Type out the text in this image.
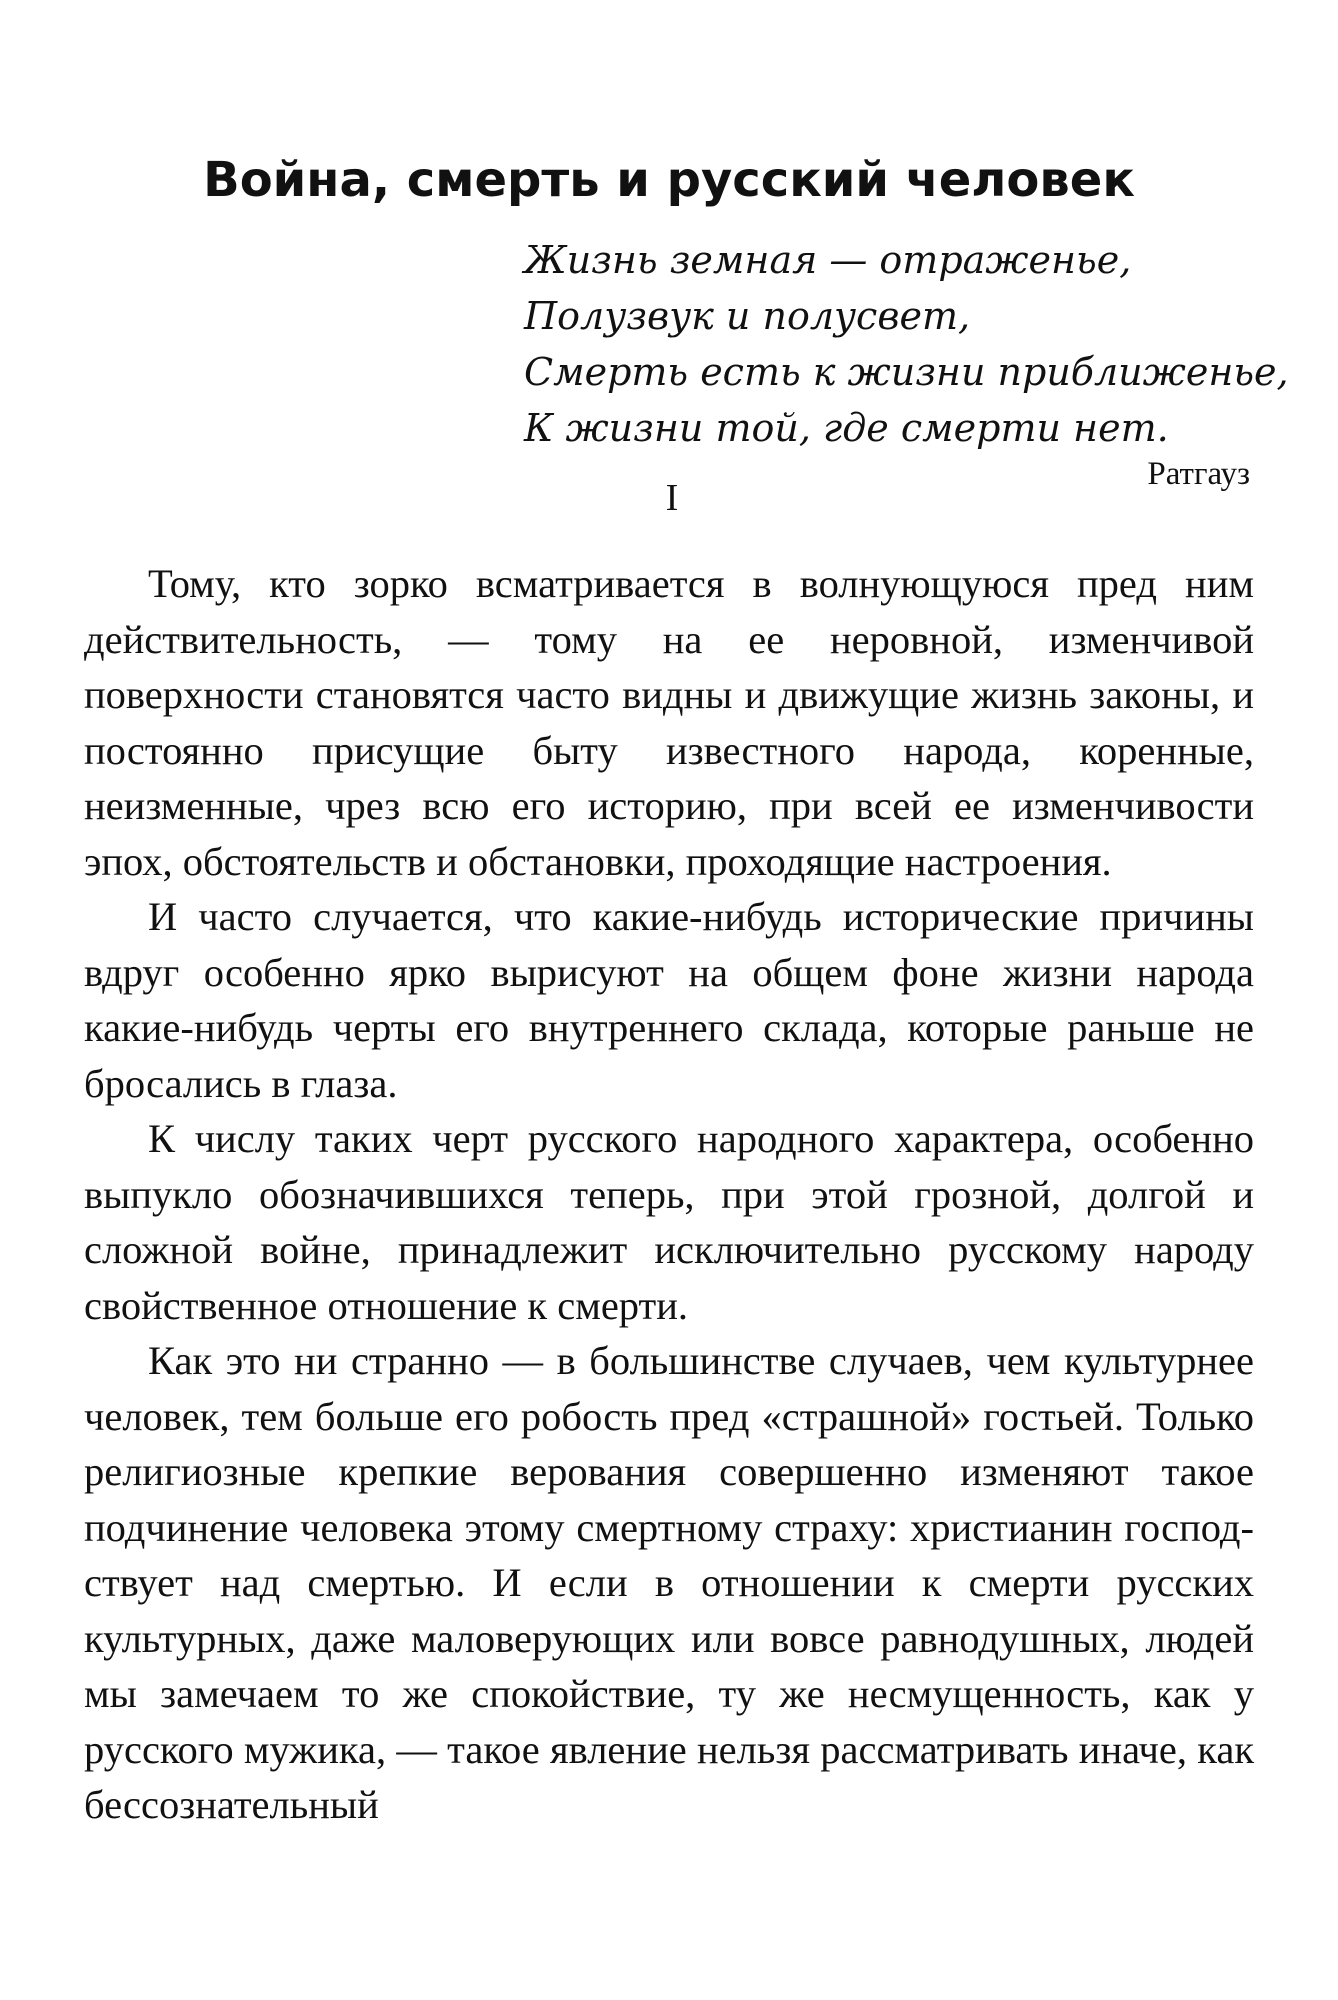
Война, смерть и русский человек
Жизнь земная — отраженье,
Полузвук и полусвет,
Смерть есть к жизни приближенье,
К жизни той, где смерти нет.
Ратгауз
I

Тому, кто зорко всматривается в волнующуюся пред ним действительность, — тому на ее неровной, изменчивой поверхности становятся часто видны и движущие жизнь законы, и постоянно присущие быту известного народа, коренные, неизменные, чрез всю его историю, при всей ее изменчивости эпох, обстоятельств и обстановки, проходящие настроения.

И часто случается, что какие-нибудь исторические причины вдруг особенно ярко вырисуют на общем фоне жизни народа какие-нибудь черты его внутреннего склада, которые раньше не бросались в глаза.

К числу таких черт русского народного характера, особенно выпукло обозначившихся теперь, при этой грозной, долгой и сложной войне, принадлежит исключительно русскому народу свойственное отношение к смерти.

Как это ни странно — в большинстве случаев, чем культурнее человек, тем больше его робость пред «страшной» гостьей. Только религиозные крепкие верования совершенно изменяют такое подчинение человека этому смертному страху: христианин господствует над смертью. И если в отношении к смерти русских культурных, даже маловерующих или вовсе равнодушных, людей мы замечаем то же спокойствие, ту же несмущенность, как у русского мужика, — такое явление нельзя рассматривать иначе, как бессознательный
